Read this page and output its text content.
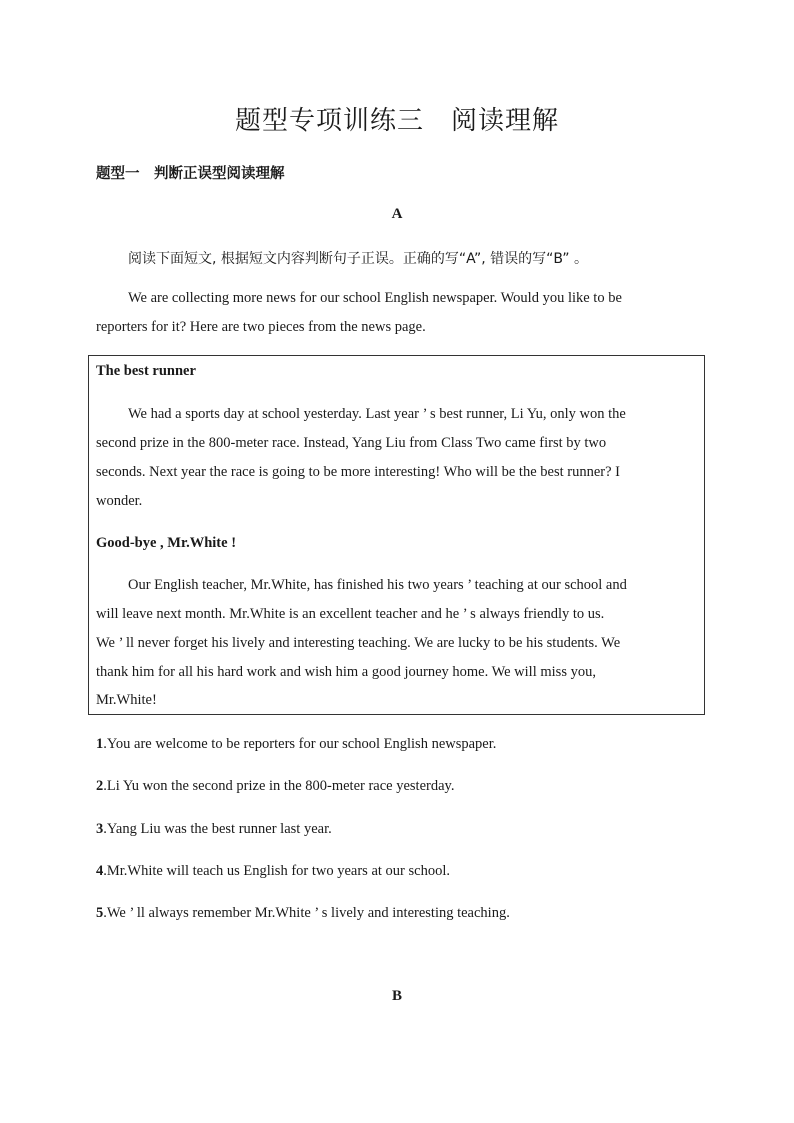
题型专项训练三　阅读理解
题型一　判断正误型阅读理解
A
阅读下面短文, 根据短文内容判断句子正误。正确的写“A”, 错误的写“B” 。
We are collecting more news for our school English newspaper. Would you like to be
reporters for it? Here are two pieces from the news page.
The best runner
We had a sports day at school yesterday. Last year ’ s best runner, Li Yu, only won the
second prize in the 800-meter race. Instead, Yang Liu from Class Two came first by two
seconds. Next year the race is going to be more interesting! Who will be the best runner? I
wonder.
Good-bye , Mr.White !
Our English teacher, Mr.White, has finished his two years ’ teaching at our school and
will leave next month. Mr.White is an excellent teacher and he ’ s always friendly to us.
We ’ ll never forget his lively and interesting teaching. We are lucky to be his students. We
thank him for all his hard work and wish him a good journey home. We will miss you,
Mr.White!
1.You are welcome to be reporters for our school English newspaper.
2.Li Yu won the second prize in the 800-meter race yesterday.
3.Yang Liu was the best runner last year.
4.Mr.White will teach us English for two years at our school.
5.We ’ ll always remember Mr.White ’ s lively and interesting teaching.
B
